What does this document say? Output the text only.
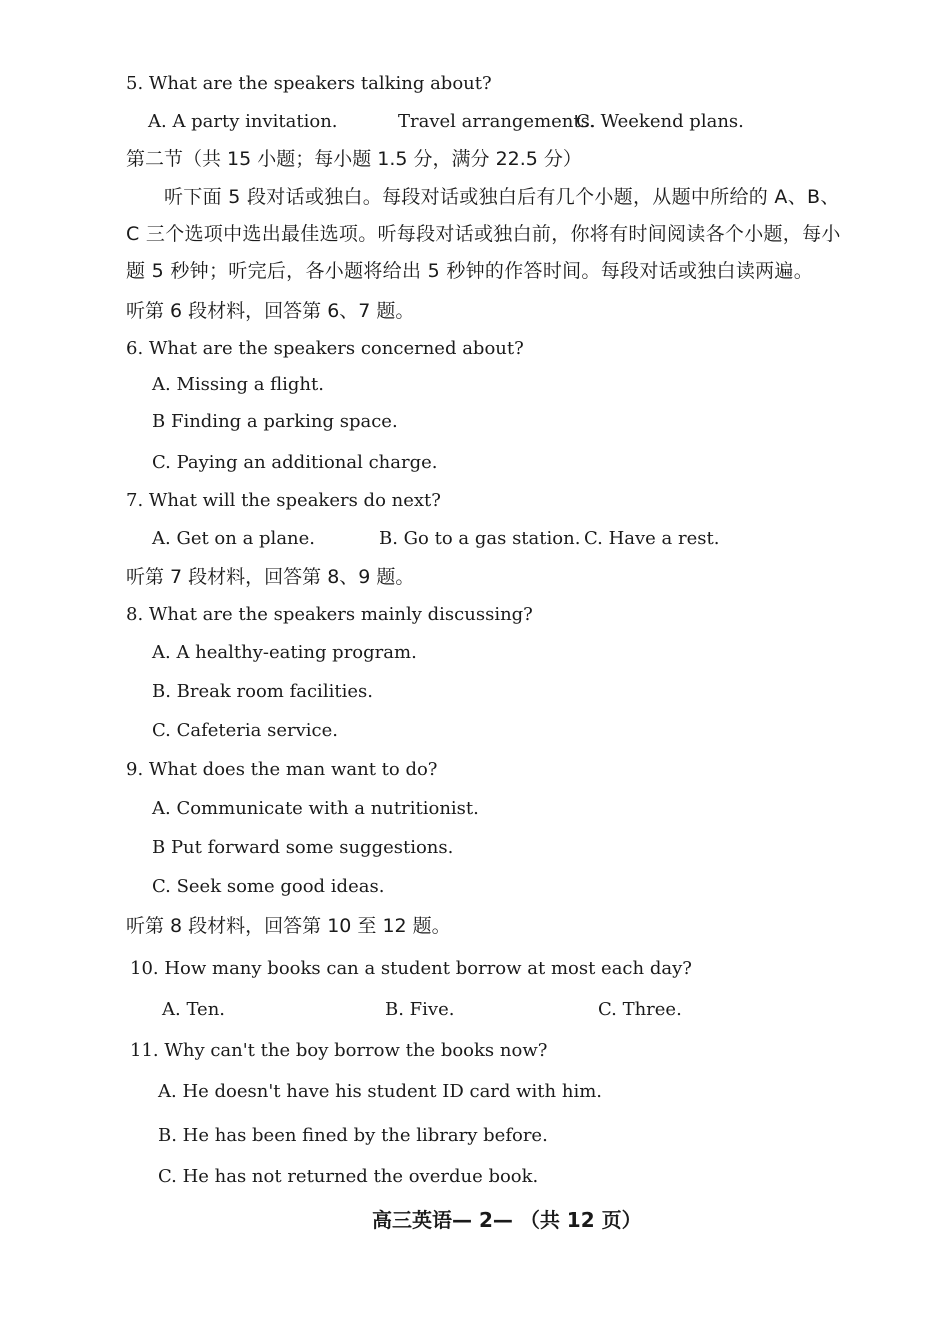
5. What are the speakers talking about?
A. A party invitation.	Travel arrangements.
C. Weekend plans.
第二节（共 15 小题；每小题 1.5 分，满分 22.5 分）
听下面 5 段对话或独白。每段对话或独白后有几个小题，从题中所给的 A、B、C 三个选项中选出最佳选项。听每段对话或独白前，你将有时间阅读各个小题，每小题 5 秒钟；听完后，各小题将给出 5 秒钟的作答时间。每段对话或独白读两遍。
听第 6 段材料，回答第 6、7 题。
6. What are the speakers concerned about?
A. Missing a flight.
B Finding a parking space.
C. Paying an additional charge.
7. What will the speakers do next?
A. Get on a plane.	B. Go to a gas station. C. Have a rest.
听第 7 段材料，回答第 8、9 题。
8. What are the speakers mainly discussing?
A. A healthy-eating program.
B. Break room facilities.
C. Cafeteria service.
9. What does the man want to do?
A. Communicate with a nutritionist.
B Put forward some suggestions.
C. Seek some good ideas.
听第 8 段材料，回答第 10 至 12 题。
10. How many books can a student borrow at most each day?
A. Ten.	B. Five.	C. Three.
11. Why can't the boy borrow the books now?
A. He doesn't have his student ID card with him.
B. He has been fined by the library before.
C. He has not returned the overdue book.
高三英语— 2— （共 12 页）
